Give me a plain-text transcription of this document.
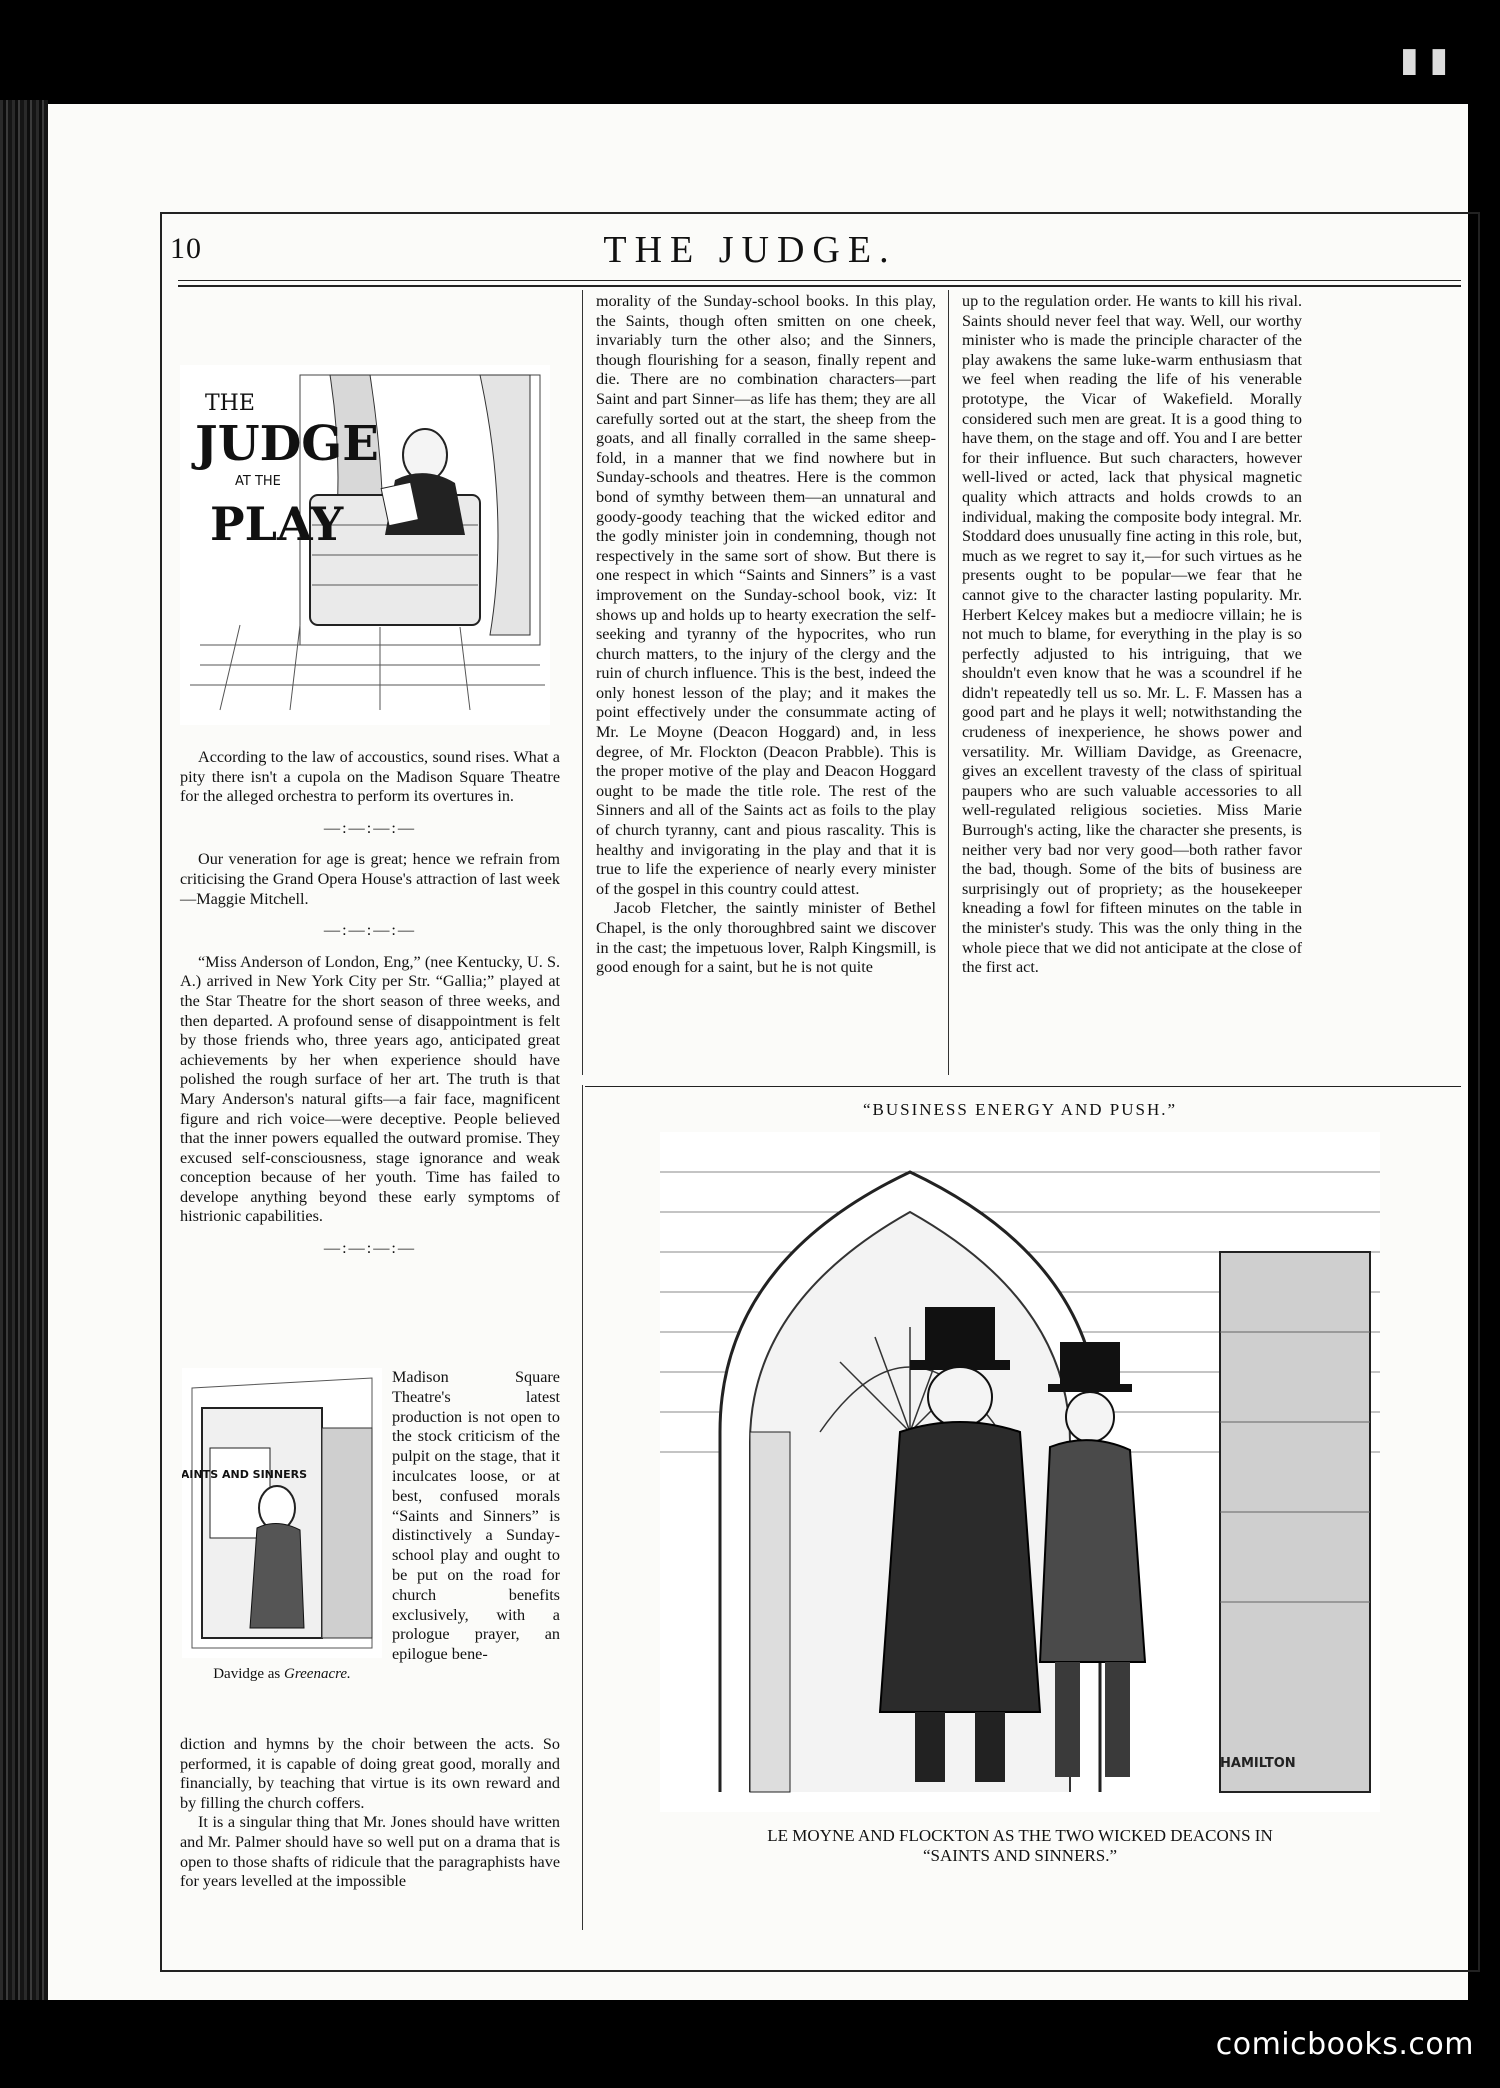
▮ ▮
10	THE JUDGE.
THE
JUDGE
AT THE
PLAY

According to the law of accoustics, sound rises. What a pity there isn't a cupola on the Madison Square Theatre for the alleged orchestra to perform its overtures in.

—:—:—:—

Our veneration for age is great; hence we refrain from criticising the Grand Opera House's attraction of last week—Maggie Mitchell.

—:—:—:—

“Miss Anderson of London, Eng,” (nee Kentucky, U. S. A.) arrived in New York City per Str. “Gallia;” played at the Star Theatre for the short season of three weeks, and then departed. A profound sense of disappointment is felt by those friends who, three years ago, anticipated great achievements by her when experience should have polished the rough surface of her art. The truth is that Mary Anderson's natural gifts—a fair face, magnificent figure and rich voice—were deceptive. People believed that the inner powers equalled the outward promise. They excused self-consciousness, stage ignorance and weak conception because of her youth. Time has failed to develope anything beyond these early symptoms of histrionic capabilities.

—:—:—:—

SAINTS AND SINNERS
Davidge as Greenacre.

Madison Square Theatre's latest production is not open to the stock criticism of the pulpit on the stage, that it inculcates loose, or at best, confused morals “Saints and Sinners” is distinctively a Sunday-school play and ought to be put on the road for church benefits exclusively, with a prologue prayer, an epilogue bene-

diction and hymns by the choir between the acts. So performed, it is capable of doing great good, morally and financially, by teaching that virtue is its own reward and by filling the church coffers.

It is a singular thing that Mr. Jones should have written and Mr. Palmer should have so well put on a drama that is open to those shafts of ridicule that the paragraphists have for years levelled at the impossible

morality of the Sunday-school books. In this play, the Saints, though often smitten on one cheek, invariably turn the other also; and the Sinners, though flourishing for a season, finally repent and die. There are no combination characters—part Saint and part Sinner—as life has them; they are all carefully sorted out at the start, the sheep from the goats, and all finally corralled in the same sheep-fold, in a manner that we find nowhere but in Sunday-schools and theatres. Here is the common bond of symthy between them—an unnatural and goody-goody teaching that the wicked editor and the godly minister join in condemning, though not respectively in the same sort of show. But there is one respect in which “Saints and Sinners” is a vast improvement on the Sunday-school book, viz: It shows up and holds up to hearty execration the self-seeking and tyranny of the hypocrites, who run church matters, to the injury of the clergy and the ruin of church influence. This is the best, indeed the only honest lesson of the play; and it makes the point effectively under the consummate acting of Mr. Le Moyne (Deacon Hoggard) and, in less degree, of Mr. Flockton (Deacon Prabble). This is the proper motive of the play and Deacon Hoggard ought to be made the title role. The rest of the Sinners and all of the Saints act as foils to the play of church tyranny, cant and pious rascality. This is healthy and invigorating in the play and that it is true to life the experience of nearly every minister of the gospel in this country could attest.

Jacob Fletcher, the saintly minister of Bethel Chapel, is the only thoroughbred saint we discover in the cast; the impetuous lover, Ralph Kingsmill, is good enough for a saint, but he is not quite

up to the regulation order. He wants to kill his rival. Saints should never feel that way. Well, our worthy minister who is made the principle character of the play awakens the same luke-warm enthusiasm that we feel when reading the life of his venerable prototype, the Vicar of Wakefield. Morally considered such men are great. It is a good thing to have them, on the stage and off. You and I are better for their influence. But such characters, however well-lived or acted, lack that physical magnetic quality which attracts and holds crowds to an individual, making the composite body integral. Mr. Stoddard does unusually fine acting in this role, but, much as we regret to say it,—for such virtues as he presents ought to be popular—we fear that he cannot give to the character lasting popularity. Mr. Herbert Kelcey makes but a mediocre villain; he is not much to blame, for everything in the play is so perfectly adjusted to his intriguing, that we shouldn't even know that he was a scoundrel if he didn't repeatedly tell us so. Mr. L. F. Massen has a good part and he plays it well; notwithstanding the crudeness of inexperience, he shows power and versatility. Mr. William Davidge, as Greenacre, gives an excellent travesty of the class of spiritual paupers who are such valuable accessories to all well-regulated religious societies. Miss Marie Burrough's acting, like the character she presents, is neither very bad nor very good—both rather favor the bad, though. Some of the bits of business are surprisingly out of propriety; as the housekeeper kneading a fowl for fifteen minutes on the table in the minister's study. This was the only thing in the whole piece that we did not anticipate at the close of the first act.

“BUSINESS ENERGY AND PUSH.”
HAMILTON
LE MOYNE AND FLOCKTON AS THE TWO WICKED DEACONS IN
“SAINTS AND SINNERS.”
comicbooks.com
